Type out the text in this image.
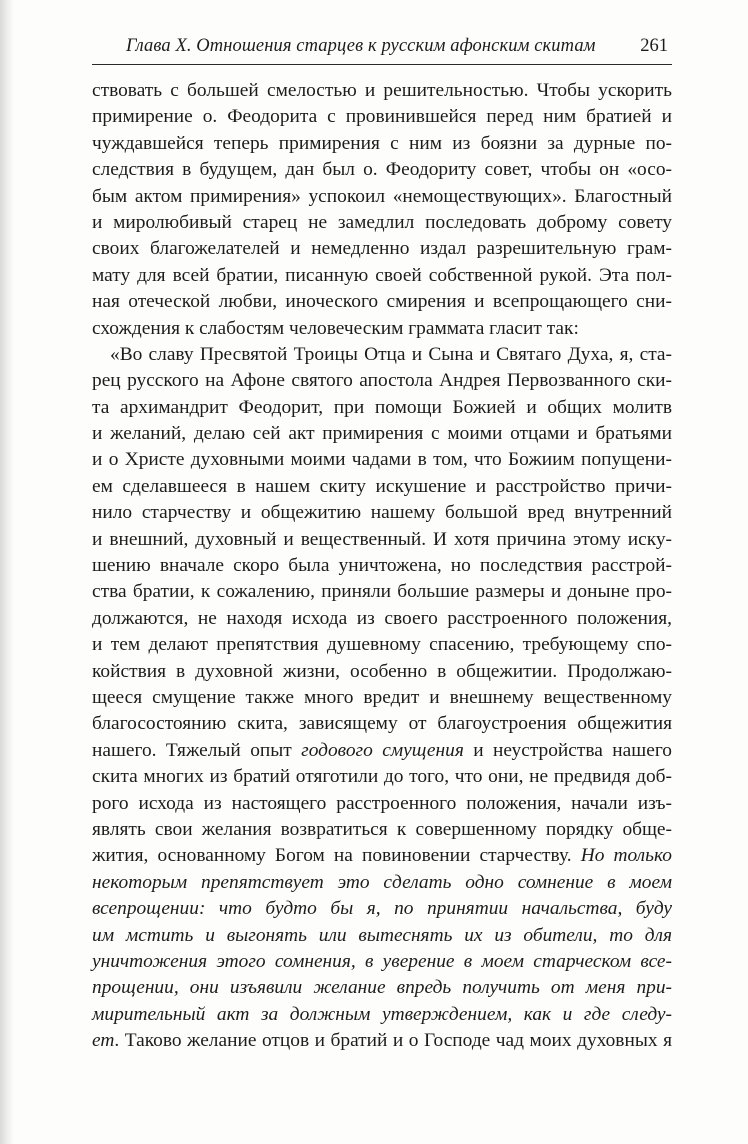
Глава X. Отношения старцев к русским афонским скитам 261
ствовать с большей смелостью и решительностью. Чтобы ускорить
примирение о. Феодорита с провинившейся перед ним братией и
чуждавшейся теперь примирения с ним из боязни за дурные по-
следствия в будущем, дан был о. Феодориту совет, чтобы он «осо-
бым актом примирения» успокоил «немоществующих». Благостный
и миролюбивый старец не замедлил последовать доброму совету
своих благожелателей и немедленно издал разрешительную грам-
мату для всей братии, писанную своей собственной рукой. Эта пол-
ная отеческой любви, иноческого смирения и всепрощающего сни-
схождения к слабостям человеческим граммата гласит так:
«Во славу Пресвятой Троицы Отца и Сына и Святаго Духа, я, ста-
рец русского на Афоне святого апостола Андрея Первозванного ски-
та архимандрит Феодорит, при помощи Божией и общих молитв
и желаний, делаю сей акт примирения с моими отцами и братьями
и о Христе духовными моими чадами в том, что Божиим попущени-
ем сделавшееся в нашем скиту искушение и расстройство причи-
нило старчеству и общежитию нашему большой вред внутренний
и внешний, духовный и вещественный. И хотя причина этому иску-
шению вначале скоро была уничтожена, но последствия расстрой-
ства братии, к сожалению, приняли большие размеры и доныне про-
должаются, не находя исхода из своего расстроенного положения,
и тем делают препятствия душевному спасению, требующему спо-
койствия в духовной жизни, особенно в общежитии. Продолжаю-
щееся смущение также много вредит и внешнему вещественному
благосостоянию скита, зависящему от благоустроения общежития
нашего. Тяжелый опыт годового смущения и неустройства нашего
скита многих из братий отяготили до того, что они, не предвидя доб-
рого исхода из настоящего расстроенного положения, начали изъ-
являть свои желания возвратиться к совершенному порядку обще-
жития, основанному Богом на повиновении старчеству. Но только
некоторым препятствует это сделать одно сомнение в моем
всепрощении: что будто бы я, по принятии начальства, буду
им мстить и выгонять или вытеснять их из обители, то для
уничтожения этого сомнения, в уверение в моем старческом все-
прощении, они изъявили желание впредь получить от меня при-
мирительный акт за должным утверждением, как и где следу-
ет. Таково желание отцов и братий и о Господе чад моих духовных я
